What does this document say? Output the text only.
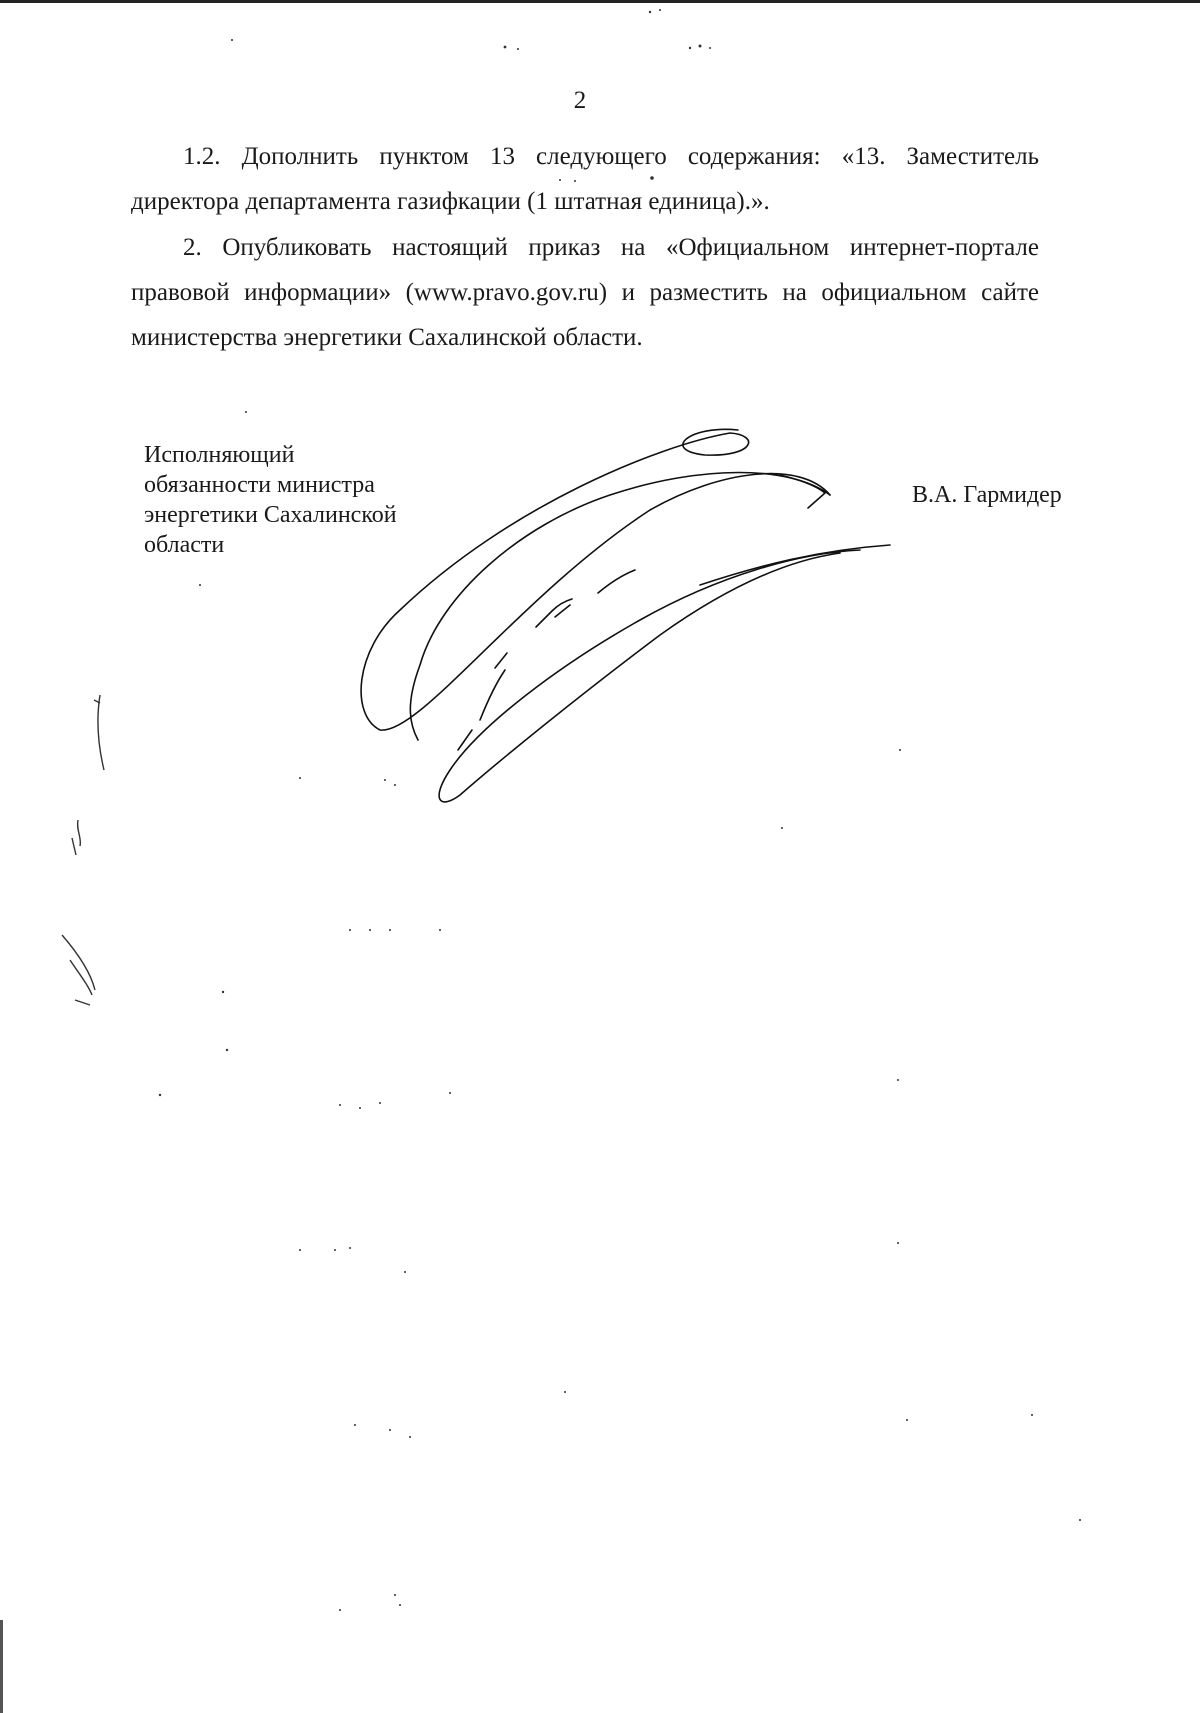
2

1.2. Дополнить пунктом 13 следующего содержания: «13. Заместитель директора департамента газифкации (1 штатная единица).».

2. Опубликовать настоящий приказ на «Официальном интернет-портале правовой информации» (www.pravo.gov.ru) и разместить на официальном сайте министерства энергетики Сахалинской области.

Исполняющий
обязанности министра
энергетики Сахалинской
области
В.А. Гармидер
